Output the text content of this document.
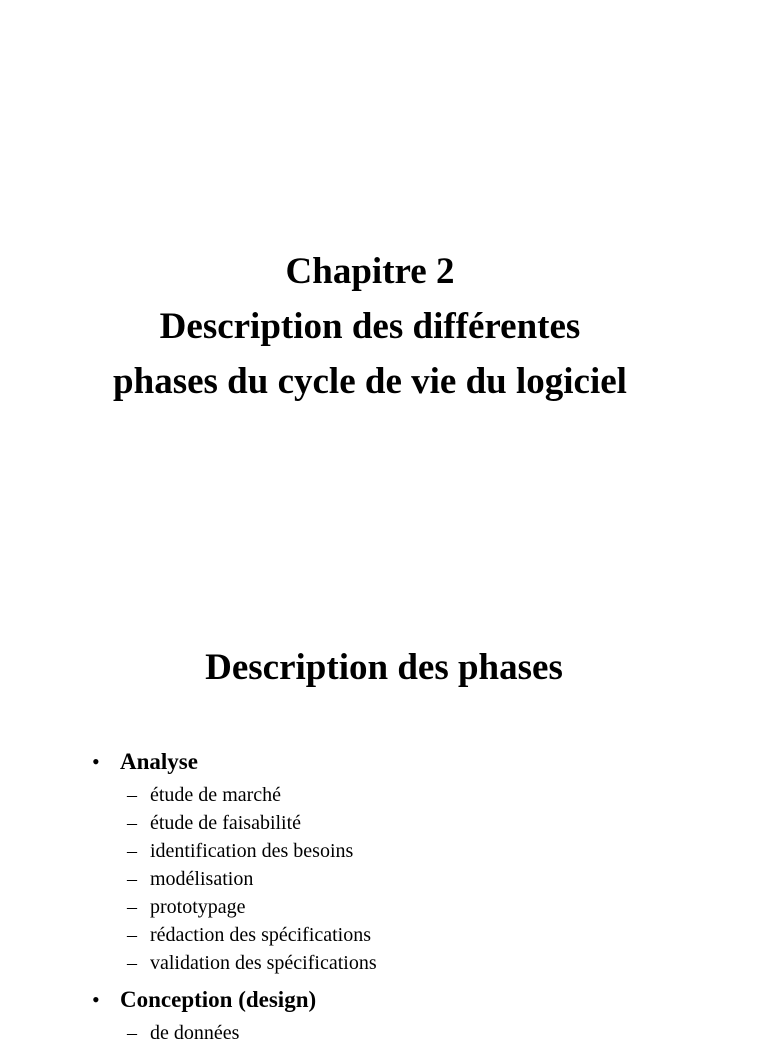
Chapitre 2
Description des différentes
phases du cycle de vie du logiciel
Description des phases
• Analyse
– étude de marché
– étude de faisabilité
– identification des besoins
– modélisation
– prototypage
– rédaction des spécifications
– validation des spécifications
• Conception (design)
– de données
